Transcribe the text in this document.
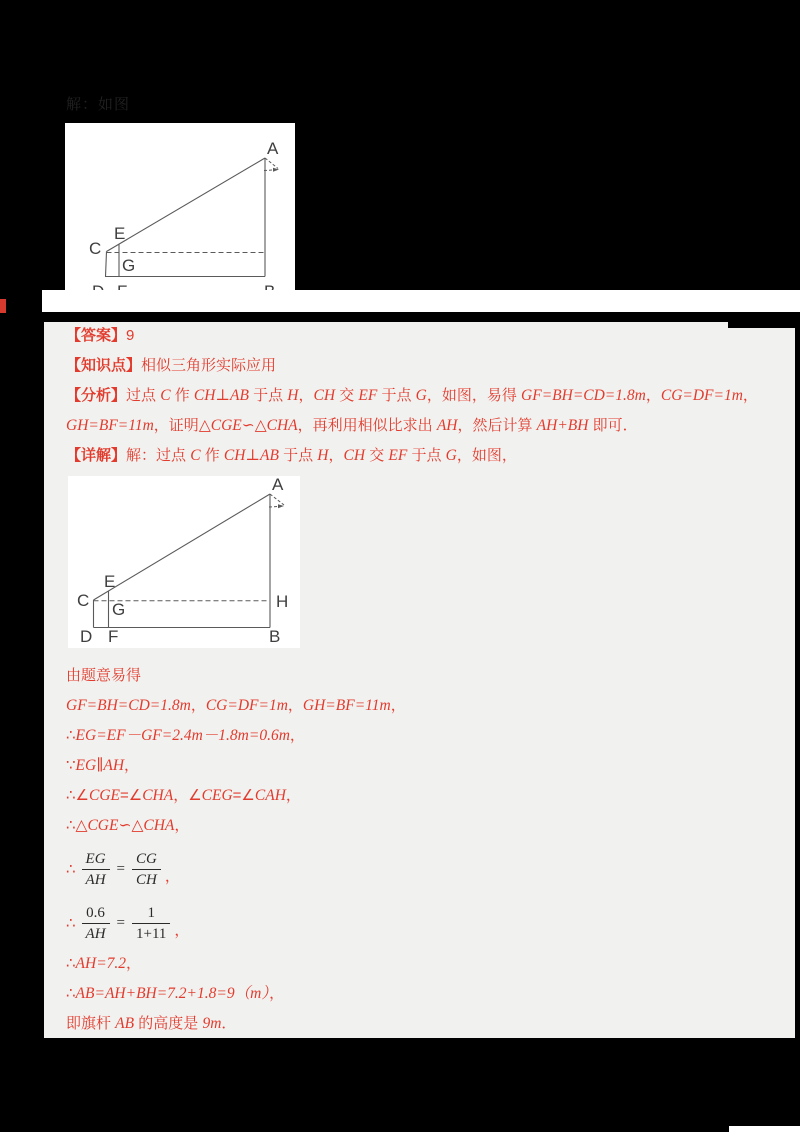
解：如图
A
C
E
G
【答案】9
【知识点】相似三角形实际应用
【分析】过点 C 作 CH⊥AB 于点 H，CH 交 EF 于点 G，如图，易得 GF=BH=CD=1.8m，CG=DF=1m，
GH=BF=11m，证明△CGE∽△CHA，再利用相似比求出 AH，然后计算 AH+BH 即可．
【详解】解：过点 C 作 CH⊥AB 于点 H，CH 交 EF 于点 G，如图，
A
B
C
D
E
F
G	H
由题意易得
GF=BH=CD=1.8m，CG=DF=1m，GH=BF=11m，
∴EG=EF－GF=2.4m－1.8m=0.6m，
∵EG∥AH，
∴∠CGE=∠CHA，∠CEG=∠CAH，
∴△CGE∽△CHA，
∴ $\frac{EG}{AH} = \frac{CG}{CH}$ ，
∴ $\frac{0.6}{AH} = \frac{1}{1+11}$ ，
∴AH=7.2，
∴AB=AH+BH=7.2+1.8=9（m），
即旗杆 AB 的高度是 9m．
